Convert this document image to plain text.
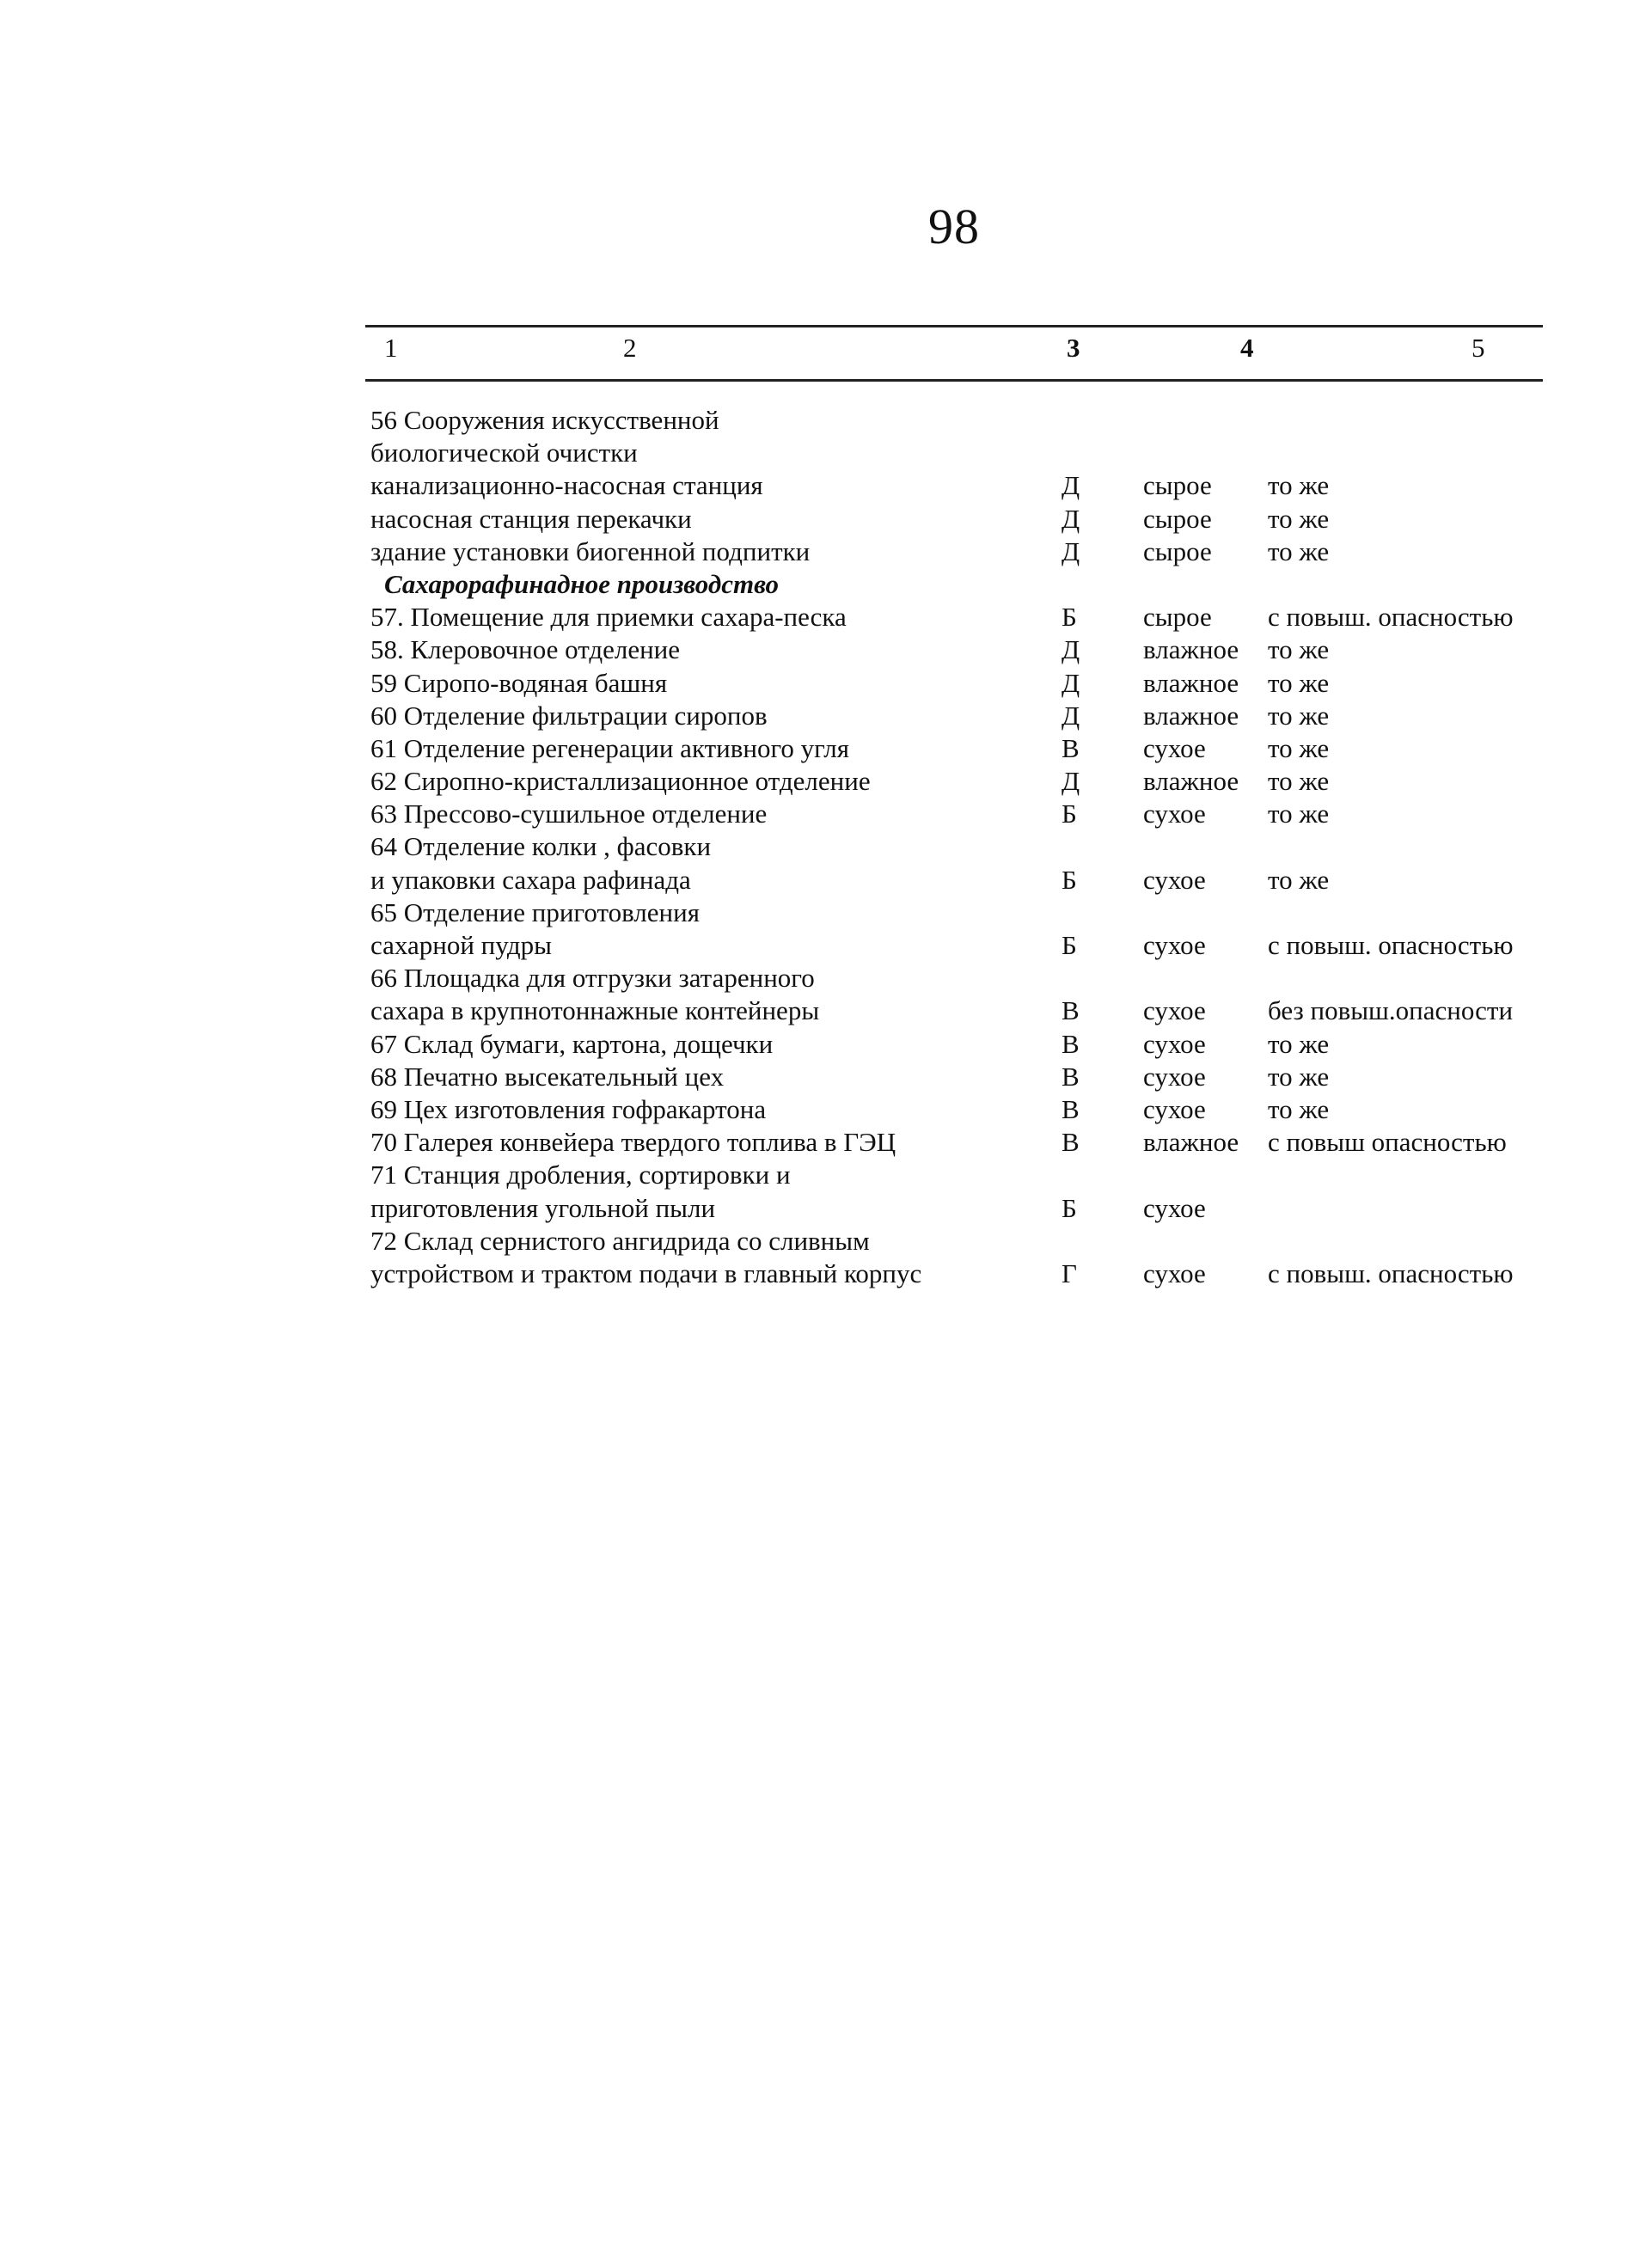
98
1	2	3	4	5
56 Сооружения искусственной
биологической очистки
канализационно-насосная станция	Д сырое то же
насосная станция перекачки	Д сырое то же
здание установки биогенной подпитки	Д сырое то же
Сахарорафинадное производство
57. Помещение для приемки сахара-песка	Б сырое с повыш. опасностью
58. Клеровочное отделение	Д влажное то же
59 Сиропо-водяная башня	Д влажное то же
60 Отделение фильтрации сиропов	Д влажное то же
61 Отделение регенерации активного угля	В сухое то же
62 Сиропно-кристаллизационное отделение	Д влажное то же
63 Прессово-сушильное отделение	Б сухое то же
64 Отделение колки , фасовки
и упаковки сахара рафинада	Б сухое то же
65 Отделение приготовления
сахарной пудры	Б сухое с повыш. опасностью
66 Площадка для отгрузки затаренного
сахара в крупнотоннажные контейнеры	В сухое без повыш.опасности
67 Склад бумаги, картона, дощечки	В сухое то же
68 Печатно высекательный цех	В сухое то же
69 Цех изготовления гофракартона	В сухое то же
70 Галерея конвейера твердого топлива в ГЭЦ	В влажное с повыш опасностью
71 Станция дробления, сортировки и
приготовления угольной пыли	Б сухое
72 Склад сернистого ангидрида со сливным
устройством и трактом подачи в главный корпус	Г сухое с повыш. опасностью
